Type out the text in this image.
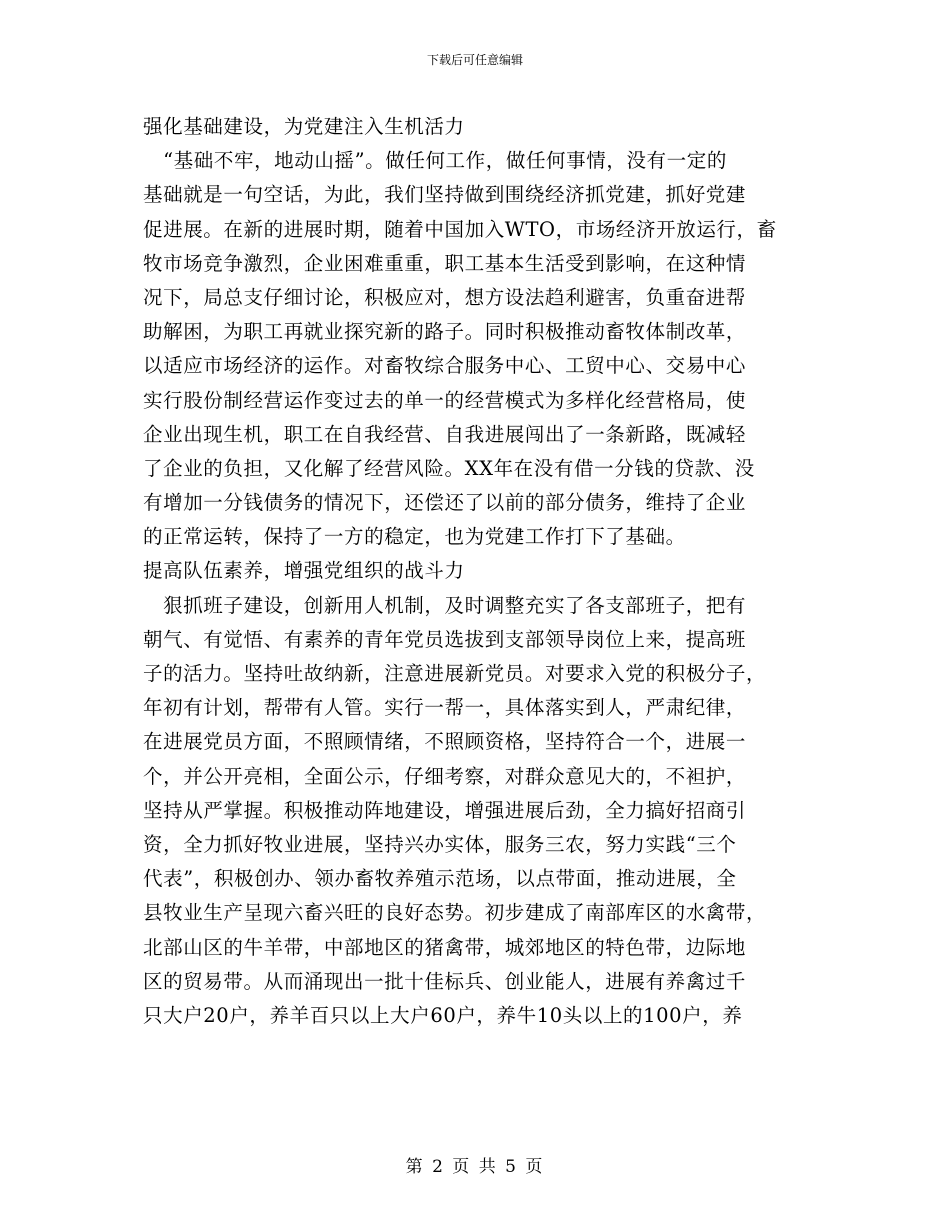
下载后可任意编辑
强化基础建设，为党建注入生机活力
　“基础不牢，地动山摇”。做任何工作，做任何事情，没有一定的
基础就是一句空话，为此，我们坚持做到围绕经济抓党建，抓好党建
促进展。在新的进展时期，随着中国加入WTO，市场经济开放运行，畜
牧市场竞争激烈，企业困难重重，职工基本生活受到影响，在这种情
况下，局总支仔细讨论，积极应对，想方设法趋利避害，负重奋进帮
助解困，为职工再就业探究新的路子。同时积极推动畜牧体制改革，
以适应市场经济的运作。对畜牧综合服务中心、工贸中心、交易中心
实行股份制经营运作变过去的单一的经营模式为多样化经营格局，使
企业出现生机，职工在自我经营、自我进展闯出了一条新路，既减轻
了企业的负担，又化解了经营风险。XX年在没有借一分钱的贷款、没
有增加一分钱债务的情况下，还偿还了以前的部分债务，维持了企业
的正常运转，保持了一方的稳定，也为党建工作打下了基础。
提高队伍素养，增强党组织的战斗力
　狠抓班子建设，创新用人机制，及时调整充实了各支部班子，把有
朝气、有觉悟、有素养的青年党员选拔到支部领导岗位上来，提高班
子的活力。坚持吐故纳新，注意进展新党员。对要求入党的积极分子，
年初有计划，帮带有人管。实行一帮一，具体落实到人，严肃纪律，
在进展党员方面，不照顾情绪，不照顾资格，坚持符合一个，进展一
个，并公开亮相，全面公示，仔细考察，对群众意见大的，不袒护，
坚持从严掌握。积极推动阵地建设，增强进展后劲，全力搞好招商引
资，全力抓好牧业进展，坚持兴办实体，服务三农，努力实践“三个
代表”，积极创办、领办畜牧养殖示范场，以点带面，推动进展，全
县牧业生产呈现六畜兴旺的良好态势。初步建成了南部库区的水禽带，
北部山区的牛羊带，中部地区的猪禽带，城郊地区的特色带，边际地
区的贸易带。从而涌现出一批十佳标兵、创业能人，进展有养禽过千
只大户20户，养羊百只以上大户60户，养牛10头以上的100户，养
第 2 页 共 5 页
